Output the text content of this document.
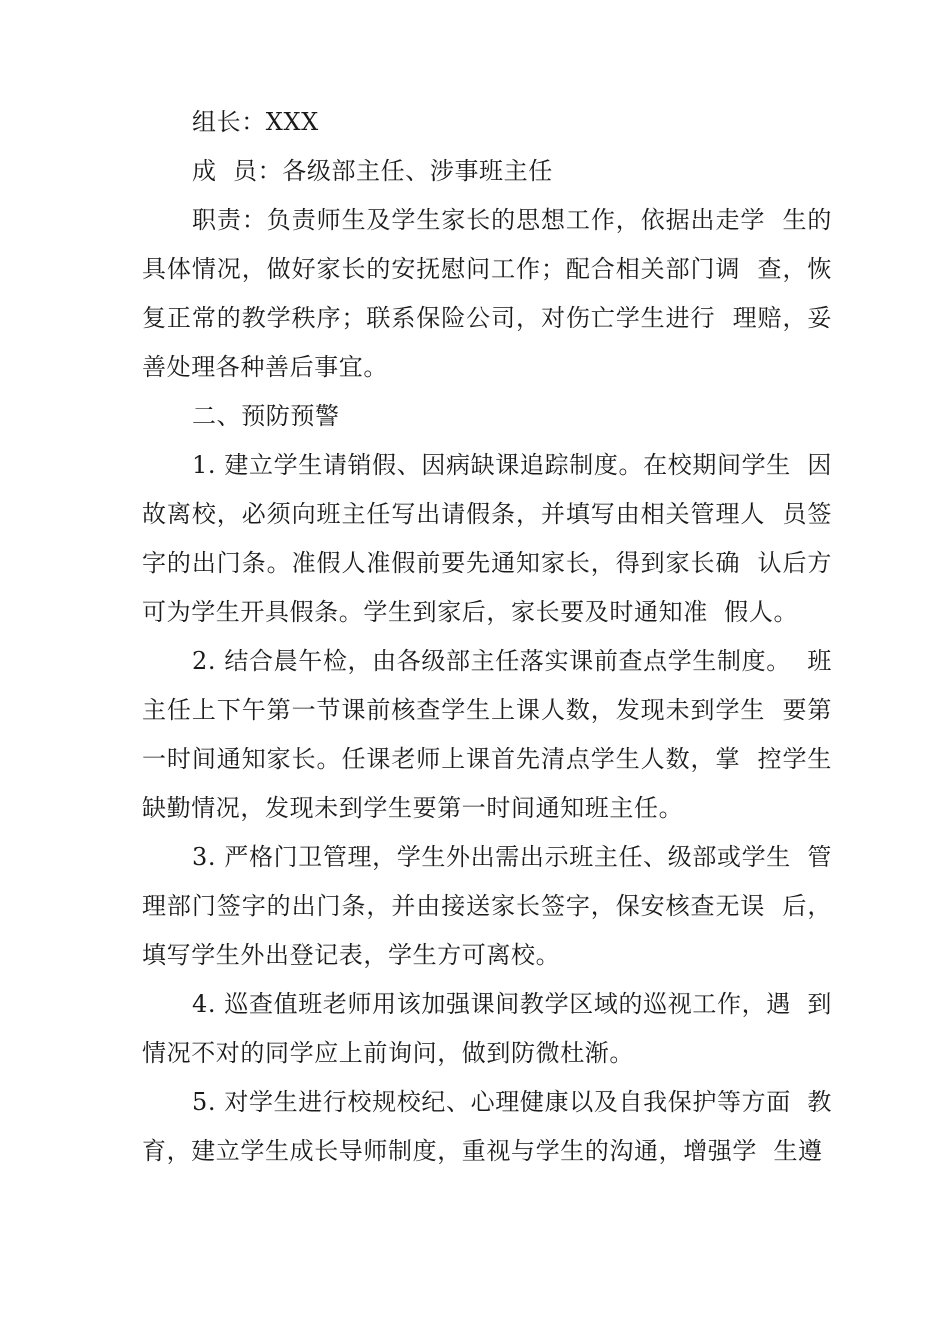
组长：XXX

成  员：各级部主任、涉事班主任

职责：负责师生及学生家长的思想工作，依据出走学  生的具体情况，做好家长的安抚慰问工作；配合相关部门调  查，恢复正常的教学秩序；联系保险公司，对伤亡学生进行  理赔，妥善处理各种善后事宜。

二、预防预警

1. 建立学生请销假、因病缺课追踪制度。在校期间学生  因故离校，必须向班主任写出请假条，并填写由相关管理人  员签字的出门条。准假人准假前要先通知家长，得到家长确  认后方可为学生开具假条。学生到家后，家长要及时通知准  假人。

2. 结合晨午检，由各级部主任落实课前查点学生制度。  班主任上下午第一节课前核查学生上课人数，发现未到学生  要第一时间通知家长。任课老师上课首先清点学生人数，掌  控学生缺勤情况，发现未到学生要第一时间通知班主任。

3. 严格门卫管理，学生外出需出示班主任、级部或学生  管理部门签字的出门条，并由接送家长签字，保安核查无误  后，填写学生外出登记表，学生方可离校。

4. 巡查值班老师用该加强课间教学区域的巡视工作，遇  到情况不对的同学应上前询问，做到防微杜渐。

5. 对学生进行校规校纪、心理健康以及自我保护等方面  教育，建立学生成长导师制度，重视与学生的沟通，增强学  生遵
